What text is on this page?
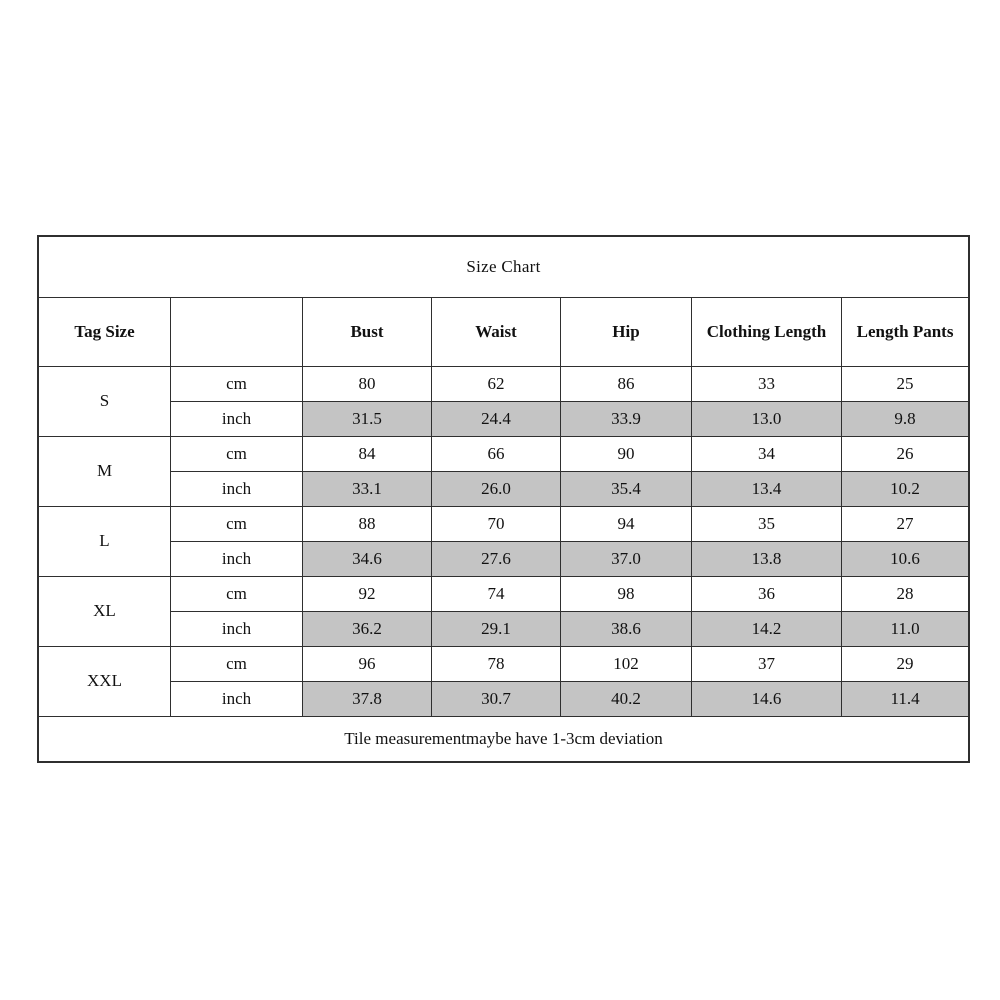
Size Chart						
Tag Size		Bust	Waist	Hip	Clothing Length	Length Pants
S	cm	80	62	86	33	25
	inch	31.5	24.4	33.9	13.0	9.8
M	cm	84	66	90	34	26
	inch	33.1	26.0	35.4	13.4	10.2
L	cm	88	70	94	35	27
	inch	34.6	27.6	37.0	13.8	10.6
XL	cm	92	74	98	36	28
	inch	36.2	29.1	38.6	14.2	11.0
XXL	cm	96	78	102	37	29
	inch	37.8	30.7	40.2	14.6	11.4
Tile measurementmaybe have 1-3cm deviation						
